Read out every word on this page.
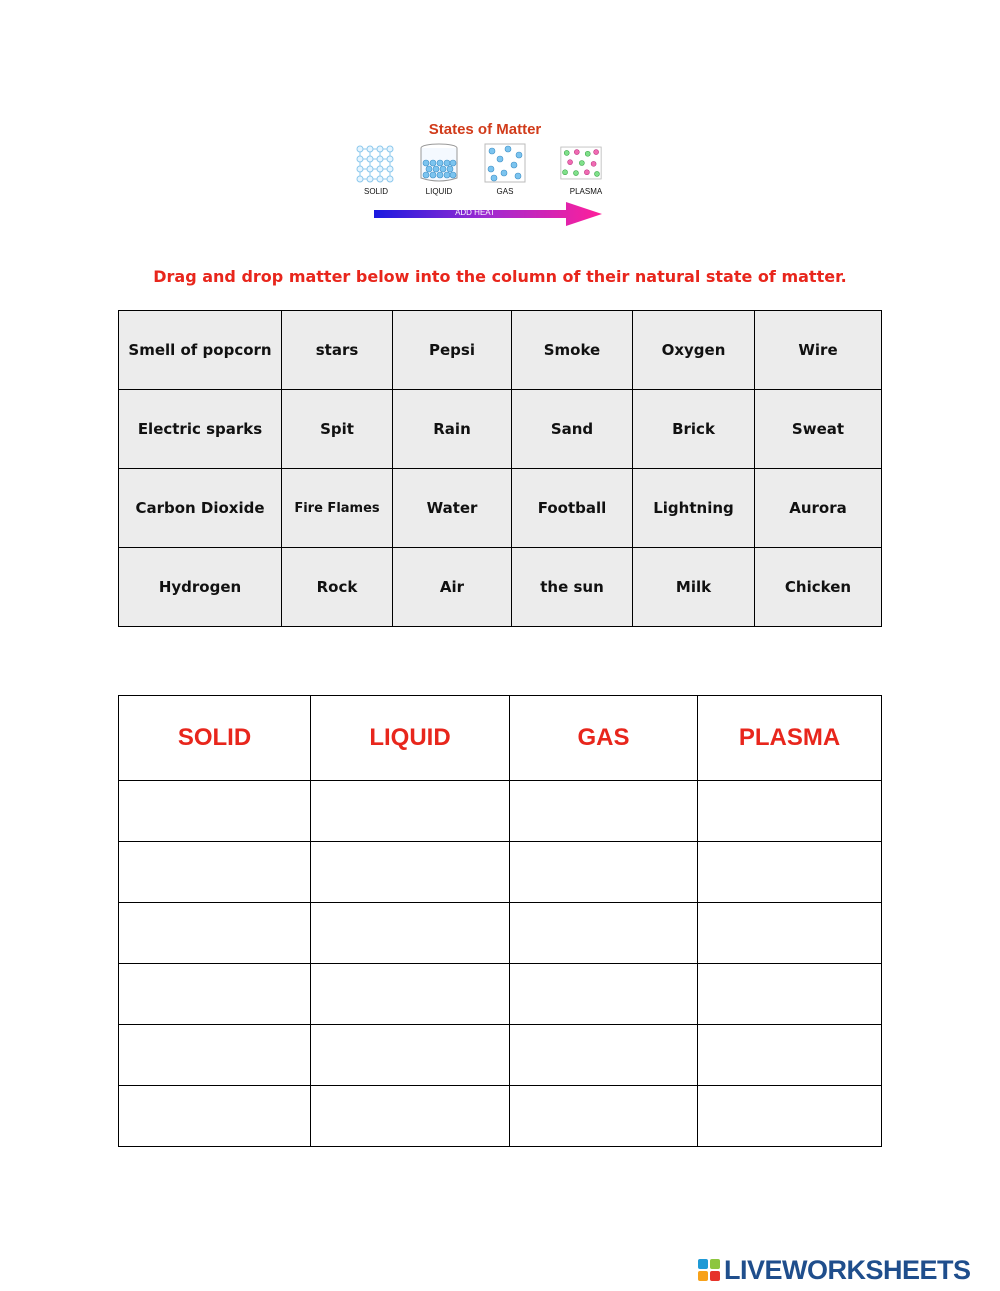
States of Matter
SOLID	LIQUID	GAS	PLASMA
ADD HEAT
Drag and drop matter below into the column of their natural state of matter.
Smell of popcorn	stars	Pepsi	Smoke	Oxygen	Wire
Electric sparks	Spit	Rain	Sand	Brick	Sweat
Carbon Dioxide	Fire Flames	Water	Football	Lightning	Aurora
Hydrogen	Rock	Air	the sun	Milk	Chicken
SOLID	LIQUID	GAS	PLASMA

LIVEWORKSHEETS
